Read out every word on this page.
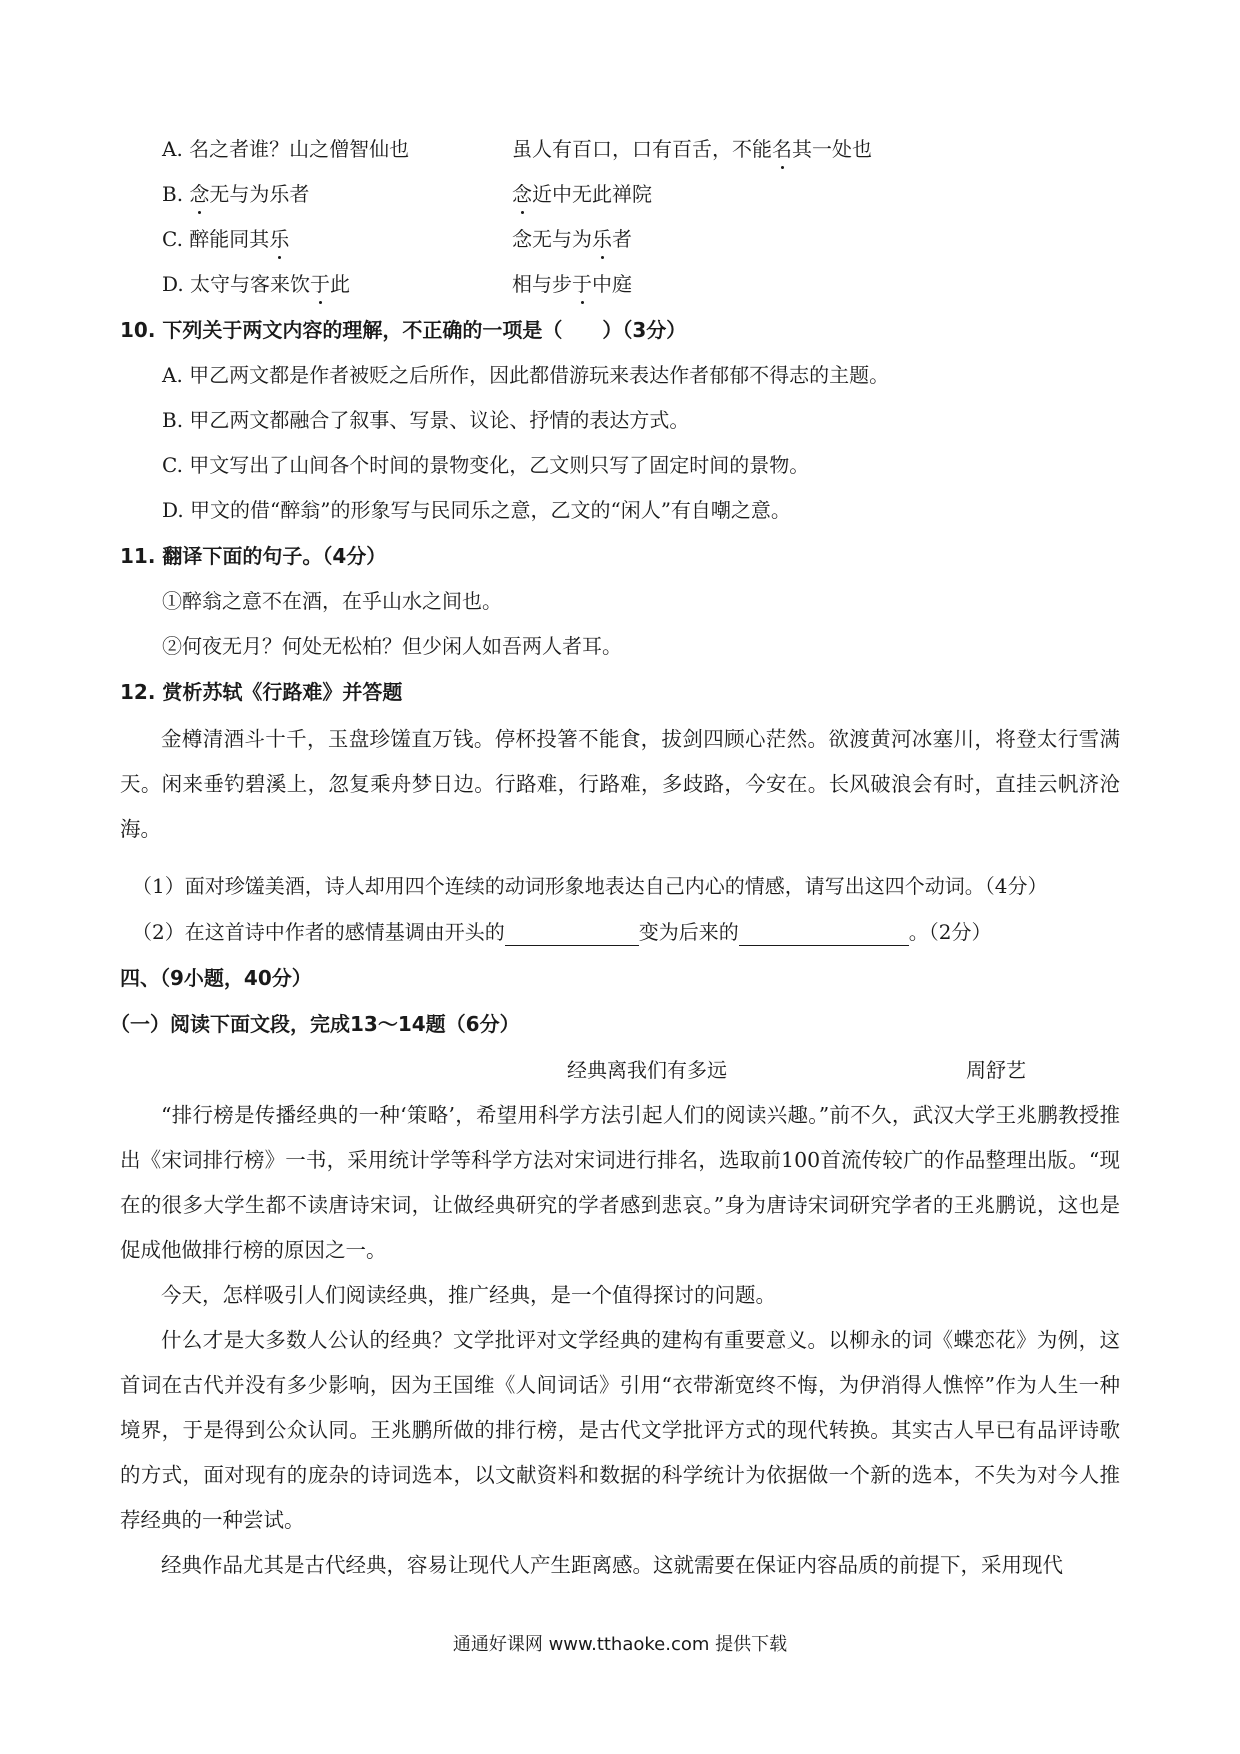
A. 名之者谁？山之僧智仙也	虽人有百口，口有百舌，不能名其一处也
B. 念无与为乐者	念近中无此禅院
C. 醉能同其乐	念无与为乐者
D. 太守与客来饮于此	相与步于中庭
10. 下列关于两文内容的理解，不正确的一项是（　　）（3分）
A. 甲乙两文都是作者被贬之后所作，因此都借游玩来表达作者郁郁不得志的主题。
B. 甲乙两文都融合了叙事、写景、议论、抒情的表达方式。
C. 甲文写出了山间各个时间的景物变化，乙文则只写了固定时间的景物。
D. 甲文的借“醉翁”的形象写与民同乐之意，乙文的“闲人”有自嘲之意。
11. 翻译下面的句子。（4分）
①醉翁之意不在酒，在乎山水之间也。
②何夜无月？何处无松柏？但少闲人如吾两人者耳。
12. 赏析苏轼《行路难》并答题

金樽清酒斗十千，玉盘珍馐直万钱。停杯投箸不能食，拔剑四顾心茫然。欲渡黄河冰塞川，将登太行雪满天。闲来垂钓碧溪上，忽复乘舟梦日边。行路难，行路难，多歧路，今安在。长风破浪会有时，直挂云帆济沧海。

（1）面对珍馐美酒，诗人却用四个连续的动词形象地表达自己内心的情感，请写出这四个动词。（4分）
（2）在这首诗中作者的感情基调由开头的	变为后来的	。（2分）
四、（9小题，40分）
（一）阅读下面文段，完成13～14题（6分）
经典离我们有多远	周舒艺

“排行榜是传播经典的一种‘策略’，希望用科学方法引起人们的阅读兴趣。”前不久，武汉大学王兆鹏教授推出《宋词排行榜》一书，采用统计学等科学方法对宋词进行排名，选取前100首流传较广的作品整理出版。“现在的很多大学生都不读唐诗宋词，让做经典研究的学者感到悲哀。”身为唐诗宋词研究学者的王兆鹏说，这也是促成他做排行榜的原因之一。

今天，怎样吸引人们阅读经典，推广经典，是一个值得探讨的问题。

什么才是大多数人公认的经典？文学批评对文学经典的建构有重要意义。以柳永的词《蝶恋花》为例，这首词在古代并没有多少影响，因为王国维《人间词话》引用“衣带渐宽终不悔，为伊消得人憔悴”作为人生一种境界，于是得到公众认同。王兆鹏所做的排行榜，是古代文学批评方式的现代转换。其实古人早已有品评诗歌的方式，面对现有的庞杂的诗词选本，以文献资料和数据的科学统计为依据做一个新的选本，不失为对今人推荐经典的一种尝试。

经典作品尤其是古代经典，容易让现代人产生距离感。这就需要在保证内容品质的前提下，采用现代

通通好课网 www.tthaoke.com 提供下载
